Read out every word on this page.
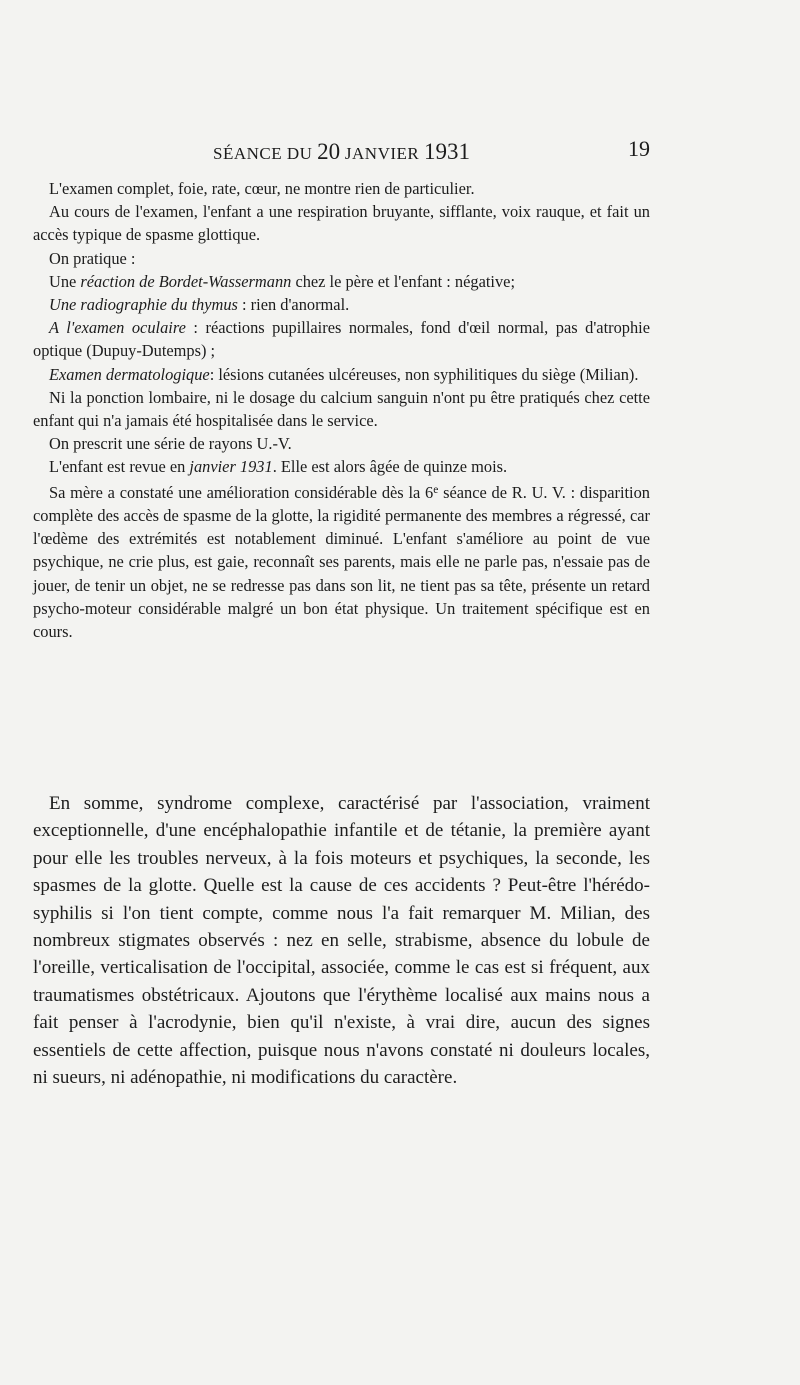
SÉANCE DU 20 JANVIER 1931	19

L'examen complet, foie, rate, cœur, ne montre rien de particulier.

Au cours de l'examen, l'enfant a une respiration bruyante, sifflante, voix rauque, et fait un accès typique de spasme glottique.

On pratique :

Une réaction de Bordet-Wassermann chez le père et l'enfant : négative;

Une radiographie du thymus : rien d'anormal.

A l'examen oculaire : réactions pupillaires normales, fond d'œil normal, pas d'atrophie optique (Dupuy-Dutemps) ;

Examen dermatologique: lésions cutanées ulcéreuses, non syphilitiques du siège (Milian).

Ni la ponction lombaire, ni le dosage du calcium sanguin n'ont pu être pratiqués chez cette enfant qui n'a jamais été hospitalisée dans le service.

On prescrit une série de rayons U.-V.

L'enfant est revue en janvier 1931. Elle est alors âgée de quinze mois.

Sa mère a constaté une amélioration considérable dès la 6e séance de R. U. V. : disparition complète des accès de spasme de la glotte, la rigidité permanente des membres a régressé, car l'œdème des extrémités est notablement diminué. L'enfant s'améliore au point de vue psychique, ne crie plus, est gaie, reconnaît ses parents, mais elle ne parle pas, n'essaie pas de jouer, de tenir un objet, ne se redresse pas dans son lit, ne tient pas sa tête, présente un retard psycho-moteur considérable malgré un bon état physique. Un traitement spécifique est en cours.

En somme, syndrome complexe, caractérisé par l'association, vraiment exceptionnelle, d'une encéphalopathie infantile et de tétanie, la première ayant pour elle les troubles nerveux, à la fois moteurs et psychiques, la seconde, les spasmes de la glotte. Quelle est la cause de ces accidents ? Peut-être l'hérédo-syphilis si l'on tient compte, comme nous l'a fait remarquer M. Milian, des nombreux stigmates observés : nez en selle, strabisme, absence du lobule de l'oreille, verticalisation de l'occipital, associée, comme le cas est si fréquent, aux traumatismes obstétricaux. Ajoutons que l'érythème localisé aux mains nous a fait penser à l'acrodynie, bien qu'il n'existe, à vrai dire, aucun des signes essentiels de cette affection, puisque nous n'avons constaté ni douleurs locales, ni sueurs, ni adénopathie, ni modifications du caractère.
